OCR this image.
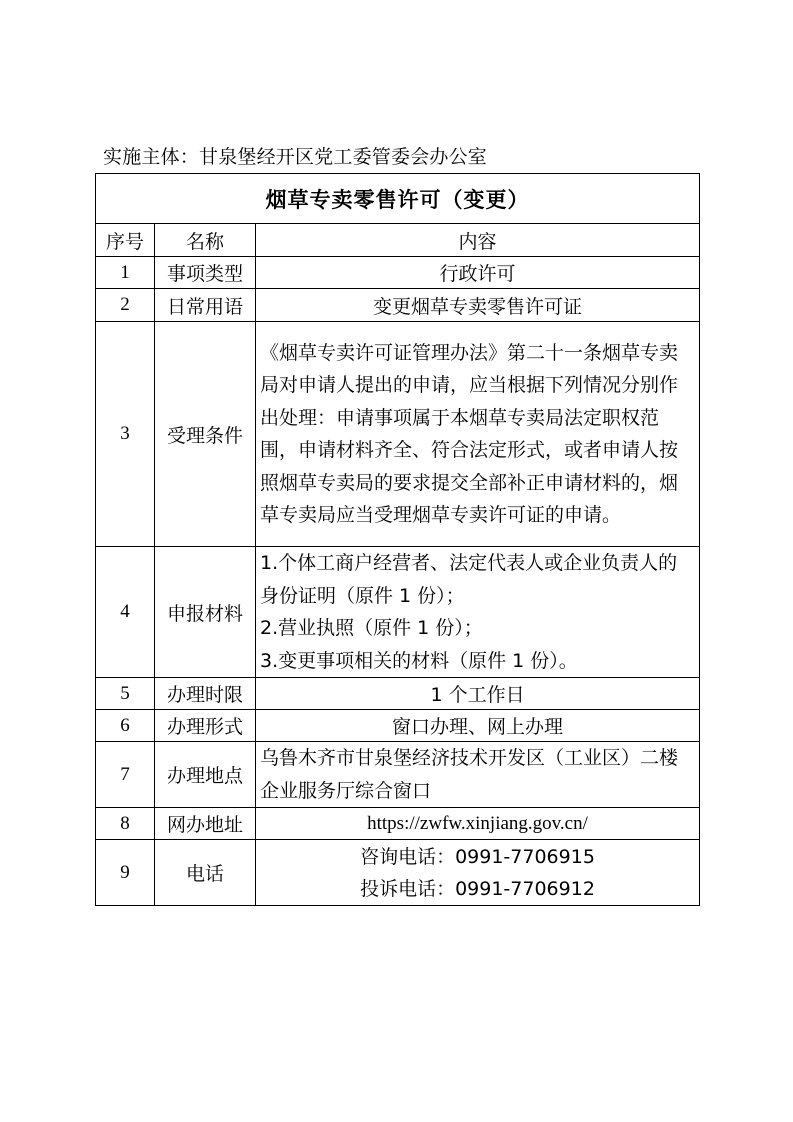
实施主体：甘泉堡经开区党工委管委会办公室
烟草专卖零售许可（变更）		
序号	名称	内容
1	事项类型	行政许可
2	日常用语	变更烟草专卖零售许可证
3	受理条件	《烟草专卖许可证管理办法》第二十一条烟草专卖局对申请人提出的申请，应当根据下列情况分别作出处理：申请事项属于本烟草专卖局法定职权范围，申请材料齐全、符合法定形式，或者申请人按照烟草专卖局的要求提交全部补正申请材料的，烟草专卖局应当受理烟草专卖许可证的申请。
4	申报材料	1.个体工商户经营者、法定代表人或企业负责人的身份证明（原件 1 份）；
2.营业执照（原件 1 份）；
3.变更事项相关的材料（原件 1 份）。

5	办理时限	1 个工作日
6	办理形式	窗口办理、网上办理
7	办理地点	乌鲁木齐市甘泉堡经济技术开发区（工业区）二楼企业服务厅综合窗口
8	网办地址	https://zwfw.xinjiang.gov.cn/
9	电话	咨询电话：0991-7706915
投诉电话：0991-7706912
